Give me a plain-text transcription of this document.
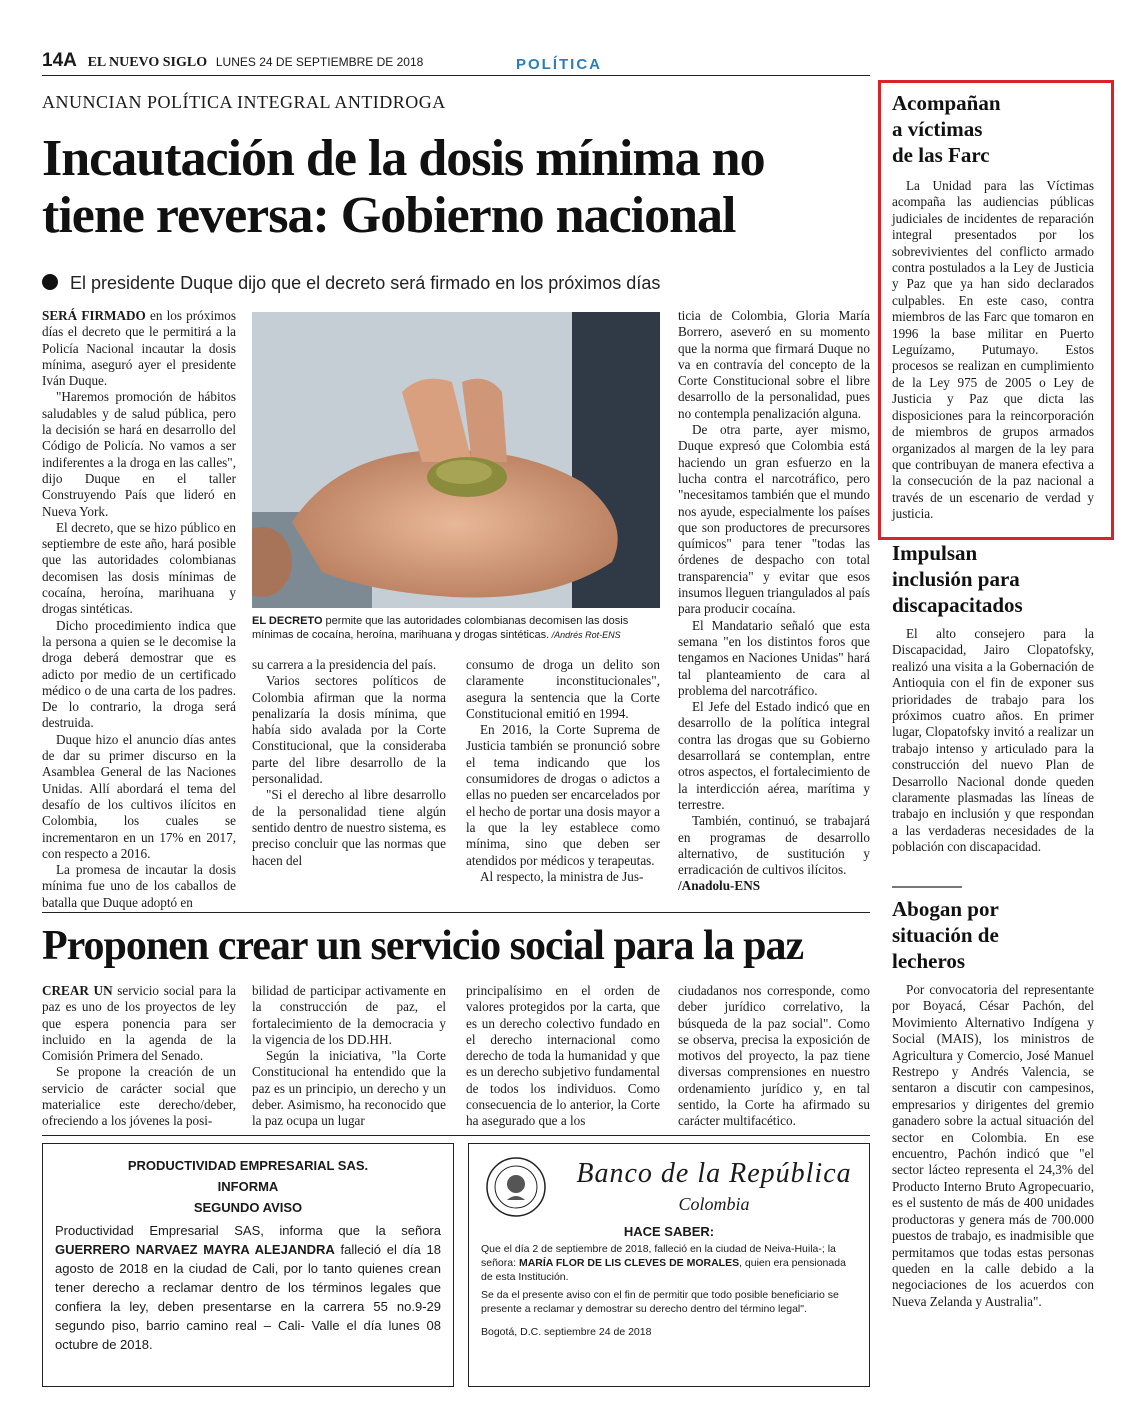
14A EL NUEVO SIGLO LUNES 24 DE SEPTIEMBRE DE 2018	POLÍTICA
ANUNCIAN POLÍTICA INTEGRAL ANTIDROGA
Incautación de la dosis mínima no tiene reversa: Gobierno nacional
El presidente Duque dijo que el decreto será firmado en los próximos días

SERÁ FIRMADO en los próximos días el decreto que le permitirá a la Policía Nacional incautar la dosis mínima, aseguró ayer el presidente Iván Duque.

"Haremos promoción de hábitos saludables y de salud pública, pero la decisión se hará en desarrollo del Código de Policía. No vamos a ser indiferentes a la droga en las calles", dijo Duque en el taller Construyendo País que lideró en Nueva York.

El decreto, que se hizo público en septiembre de este año, hará posible que las autoridades colombianas decomisen las dosis mínimas de cocaína, heroína, marihuana y drogas sintéticas.

Dicho procedimiento indica que la persona a quien se le decomise la droga deberá demostrar que es adicto por medio de un certificado médico o de una carta de los padres. De lo contrario, la droga será destruida.

Duque hizo el anuncio días antes de dar su primer discurso en la Asamblea General de las Naciones Unidas. Allí abordará el tema del desafío de los cultivos ilícitos en Colombia, los cuales se incrementaron en un 17% en 2017, con respecto a 2016.

La promesa de incautar la dosis mínima fue uno de los caballos de batalla que Duque adoptó en

EL DECRETO permite que las autoridades colombianas decomisen las dosis mínimas de cocaína, heroína, marihuana y drogas sintéticas. /Andrés Rot-ENS

su carrera a la presidencia del país.

Varios sectores políticos de Colombia afirman que la norma penalizaría la dosis mínima, que había sido avalada por la Corte Constitucional, que la consideraba parte del libre desarrollo de la personalidad.

"Si el derecho al libre desarrollo de la personalidad tiene algún sentido dentro de nuestro sistema, es preciso concluir que las normas que hacen del

consumo de droga un delito son claramente inconstitucionales", asegura la sentencia que la Corte Constitucional emitió en 1994.

En 2016, la Corte Suprema de Justicia también se pronunció sobre el tema indicando que los consumidores de drogas o adictos a ellas no pueden ser encarcelados por el hecho de portar una dosis mayor a la que la ley establece como mínima, sino que deben ser atendidos por médicos y terapeutas.

Al respecto, la ministra de Jus-

ticia de Colombia, Gloria María Borrero, aseveró en su momento que la norma que firmará Duque no va en contravía del concepto de la Corte Constitucional sobre el libre desarrollo de la personalidad, pues no contempla penalización alguna.

De otra parte, ayer mismo, Duque expresó que Colombia está haciendo un gran esfuerzo en la lucha contra el narcotráfico, pero "necesitamos también que el mundo nos ayude, especialmente los países que son productores de precursores químicos" para tener "todas las órdenes de despacho con total transparencia" y evitar que esos insumos lleguen triangulados al país para producir cocaína.

El Mandatario señaló que esta semana "en los distintos foros que tengamos en Naciones Unidas" hará tal planteamiento de cara al problema del narcotráfico.

El Jefe del Estado indicó que en desarrollo de la política integral contra las drogas que su Gobierno desarrollará se contemplan, entre otros aspectos, el fortalecimiento de la interdicción aérea, marítima y terrestre.

También, continuó, se trabajará en programas de desarrollo alternativo, de sustitución y erradicación de cultivos ilícitos.

/Anadolu-ENS

Proponen crear un servicio social para la paz

CREAR UN servicio social para la paz es uno de los proyectos de ley que espera ponencia para ser incluido en la agenda de la Comisión Primera del Senado.

Se propone la creación de un servicio de carácter social que materialice este derecho/deber, ofreciendo a los jóvenes la posi-

bilidad de participar activamente en la construcción de paz, el fortalecimiento de la democracia y la vigencia de los DD.HH.

Según la iniciativa, "la Corte Constitucional ha entendido que la paz es un principio, un derecho y un deber. Asimismo, ha reconocido que la paz ocupa un lugar

principalísimo en el orden de valores protegidos por la carta, que es un derecho colectivo fundado en el derecho internacional como derecho de toda la humanidad y que es un derecho subjetivo fundamental de todos los individuos. Como consecuencia de lo anterior, la Corte ha asegurado que a los

ciudadanos nos corresponde, como deber jurídico correlativo, la búsqueda de la paz social". Como se observa, precisa la exposición de motivos del proyecto, la paz tiene diversas comprensiones en nuestro ordenamiento jurídico y, en tal sentido, la Corte ha afirmado su carácter multifacético.

PRODUCTIVIDAD EMPRESARIAL SAS.
INFORMA
SEGUNDO AVISO
Productividad Empresarial SAS, informa que la señora GUERRERO NARVAEZ MAYRA ALEJANDRA falleció el día 18 agosto de 2018 en la ciudad de Cali, por lo tanto quienes crean tener derecho a reclamar dentro de los términos legales que confiera la ley, deben presentarse en la carrera 55 no.9-29 segundo piso, barrio camino real – Cali- Valle el día lunes 08 octubre de 2018.
Banco de la República
Colombia
HACE SABER:
Que el día 2 de septiembre de 2018, falleció en la ciudad de Neiva-Huila-; la señora: MARÍA FLOR DE LIS CLEVES DE MORALES, quien era pensionada de esta Institución.
Se da el presente aviso con el fin de permitir que todo posible beneficiario se presente a reclamar y demostrar su derecho dentro del término legal".
Bogotá, D.C. septiembre 24 de 2018
Acompañan a víctimas de las Farc
La Unidad para las Víctimas acompaña las audiencias públicas judiciales de incidentes de reparación integral presentados por los sobrevivientes del conflicto armado contra postulados a la Ley de Justicia y Paz que ya han sido declarados culpables. En este caso, contra miembros de las Farc que tomaron en 1996 la base militar en Puerto Leguízamo, Putumayo. Estos procesos se realizan en cumplimiento de la Ley 975 de 2005 o Ley de Justicia y Paz que dicta las disposiciones para la reincorporación de miembros de grupos armados organizados al margen de la ley para que contribuyan de manera efectiva a la consecución de la paz nacional a través de un escenario de verdad y justicia.
Impulsan inclusión para discapacitados
El alto consejero para la Discapacidad, Jairo Clopatofsky, realizó una visita a la Gobernación de Antioquia con el fin de exponer sus prioridades de trabajo para los próximos cuatro años. En primer lugar, Clopatofsky invitó a realizar un trabajo intenso y articulado para la construcción del nuevo Plan de Desarrollo Nacional donde queden claramente plasmadas las líneas de trabajo en inclusión y que respondan a las verdaderas necesidades de la población con discapacidad.
Abogan por situación de lecheros
Por convocatoria del representante por Boyacá, César Pachón, del Movimiento Alternativo Indígena y Social (MAIS), los ministros de Agricultura y Comercio, José Manuel Restrepo y Andrés Valencia, se sentaron a discutir con campesinos, empresarios y dirigentes del gremio ganadero sobre la actual situación del sector en Colombia. En ese encuentro, Pachón indicó que "el sector lácteo representa el 24,3% del Producto Interno Bruto Agropecuario, es el sustento de más de 400 unidades productoras y genera más de 700.000 puestos de trabajo, es inadmisible que permitamos que todas estas personas queden en la calle debido a la negociaciones de los acuerdos con Nueva Zelanda y Australia".
